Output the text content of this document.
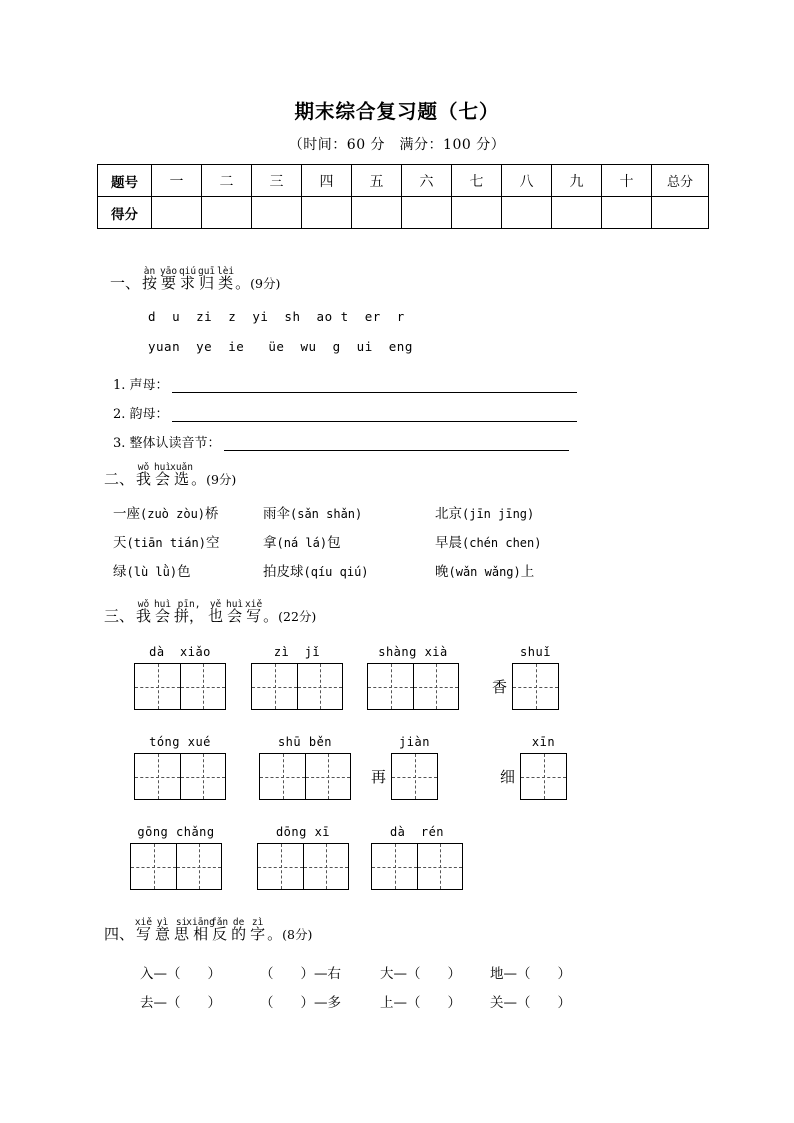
期末综合复习题（七）
（时间：60 分　满分：100 分）
题号	一	二	三	四	五	六	七	八	九	十	总分
得分											
一、
àn
按
yāo
要
qiú
求
guī
归
lèi
类 。(9分)
d  u  zi  z  yi  sh  ao t  er  r
yuan  ye  ie   üe  wu  g  ui  eng
1. 声母：
2. 韵母：
3. 整体认读音节：
二、
wǒ
我
huì
会
xuǎn
选 。(9分)
一座(zuò zòu)桥	雨伞(sǎn shǎn)	北京(jīn jīng)
天(tiān tián)空	拿(ná lá)包	早晨(chén chen)
绿(lù lǜ)色	拍皮球(qíu qiú)	晚(wǎn wǎng)上
三、
wǒ
我
huì
会
pīn,
拼，
yě
也
huì
会
xiě
写 。(22分)
dà  xiǎo	zì  jǐ	shàng xià	shuǐ
香
tóng xué	shū běn	jiàn
再
xīn
细
gōng chǎng	dōng xī	dà  rén
四、
xiě
写
yì
意
si
思
xiāng
相
fǎn
反
de
的
zì
字 。(8分)
入—（　　）	（　　）—右	大—（　　） 地—（　　）
去—（　　）	（　　）—多	上—（　　） 关—（　　）
